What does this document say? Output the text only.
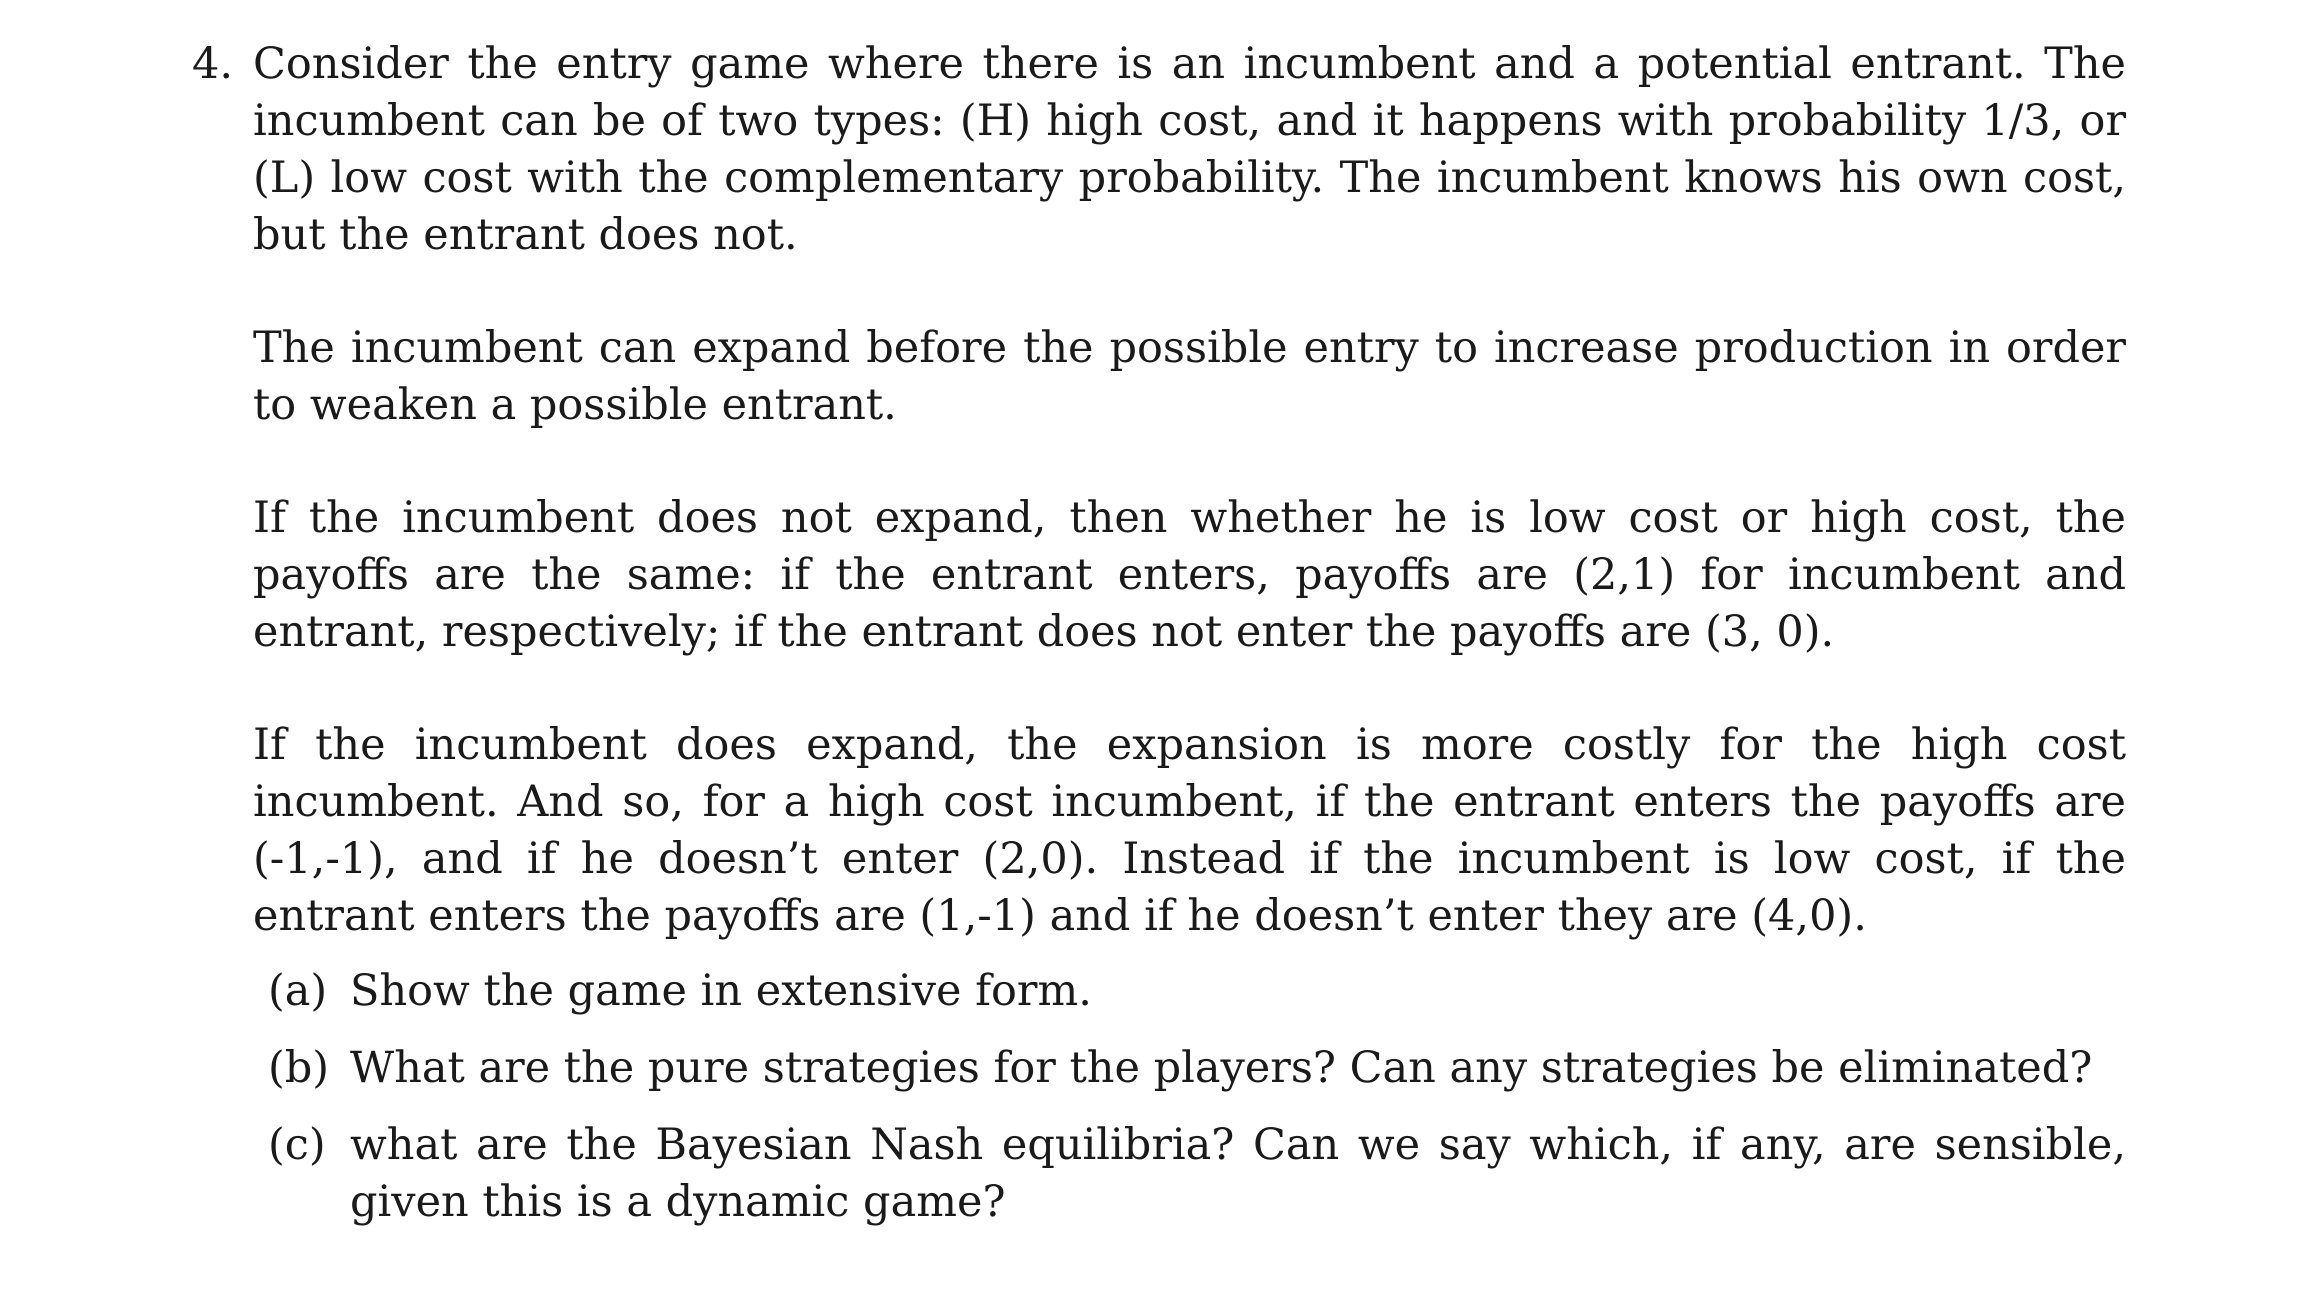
4. Consider the entry game where there is an incumbent and a potential entrant. The incumbent can be of two types: (H) high cost, and it happens with probability 1/3, or (L) low cost with the complementary probability. The incumbent knows his own cost, but the entrant does not.

The incumbent can expand before the possible entry to increase production in order to weaken a possible entrant.

If the incumbent does not expand, then whether he is low cost or high cost, the payoffs are the same: if the entrant enters, payoffs are (2,1) for incumbent and entrant, respectively; if the entrant does not enter the payoffs are (3, 0).

If the incumbent does expand, the expansion is more costly for the high cost incumbent. And so, for a high cost incumbent, if the entrant enters the payoffs are (-1,-1), and if he doesn’t enter (2,0). Instead if the incumbent is low cost, if the entrant enters the payoffs are (1,-1) and if he doesn’t enter they are (4,0).

(a) Show the game in extensive form.
(b) What are the pure strategies for the players? Can any strategies be eliminated?
(c) what are the Bayesian Nash equilibria? Can we say which, if any, are sensible, given this is a dynamic game?
